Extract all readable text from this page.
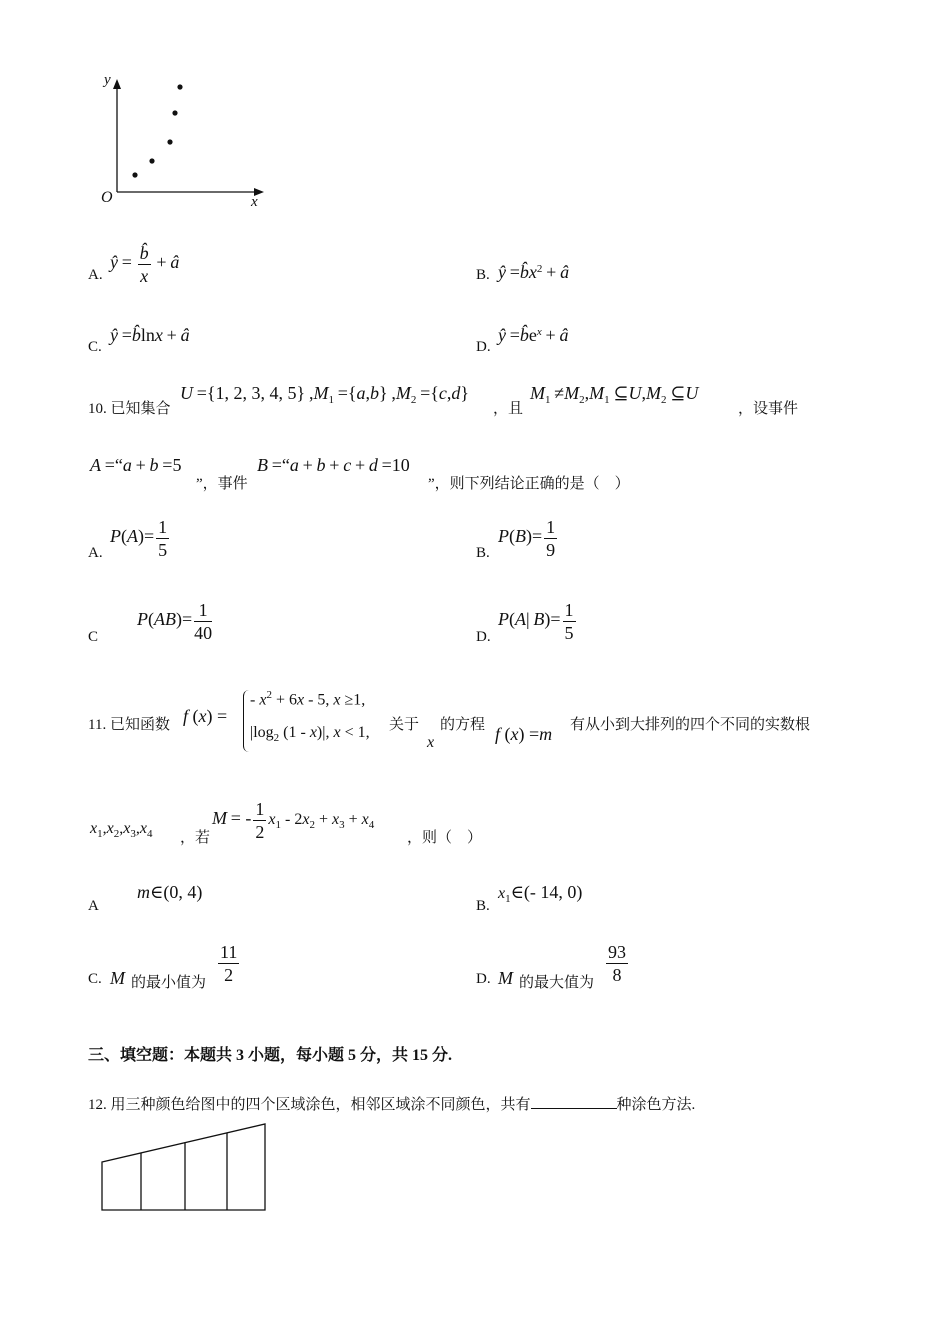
y
x
O
A.
ŷ = $\frac{b̂}{x}$ + â
B. ŷ $=b̂x^2$ + â
C.
ŷ =b̂lnx + â
D.
ŷ $=b̂e^x$ + â
10. 已知集合
U ={1, 2, 3, 4, 5} $,M_1 =\{a,b\}$ $,M_2 =\{c,d\}$
，且
$M_1 \ne M_2,M_1$ $⊆U,M_2$ ⊆U
，设事件
A =“a + b =5
”，事件
B =“a + b + c + d =10
”，则下列结论正确的是（　）
A.
$P(A)= \frac{1}{5}$	B.
$P(B)= \frac{1}{9}$
C
$P(AB)= \frac{1}{40}$	D.
P(A| $B)= \frac{1}{5}$
11. 已知函数 f (x) =
- $x^2 + 6x - 5$, x ≥1,
$|\log_2$ (1 - x)|, x < 1, 关于
x
的方程 f (x) =m 有从小到大排列的四个不同的实数根
$x_1,x_2,x_3,x_4$ ，若
M = - $\frac{1}{2} x_1 - 2x_2 + x_3 + x_4$
，则（　）
A
m∈(0, 4)
B.
$x_1\in(-$ 14, 0)
C. M 的最小值为 $\frac{11}{2}$	D. M 的最大值为 $\frac{93}{8}$
三、填空题：本题共 3 小题，每小题 5 分，共 15 分.
12. 用三种颜色给图中的四个区域涂色，相邻区域涂不同颜色，共有	种涂色方法.
